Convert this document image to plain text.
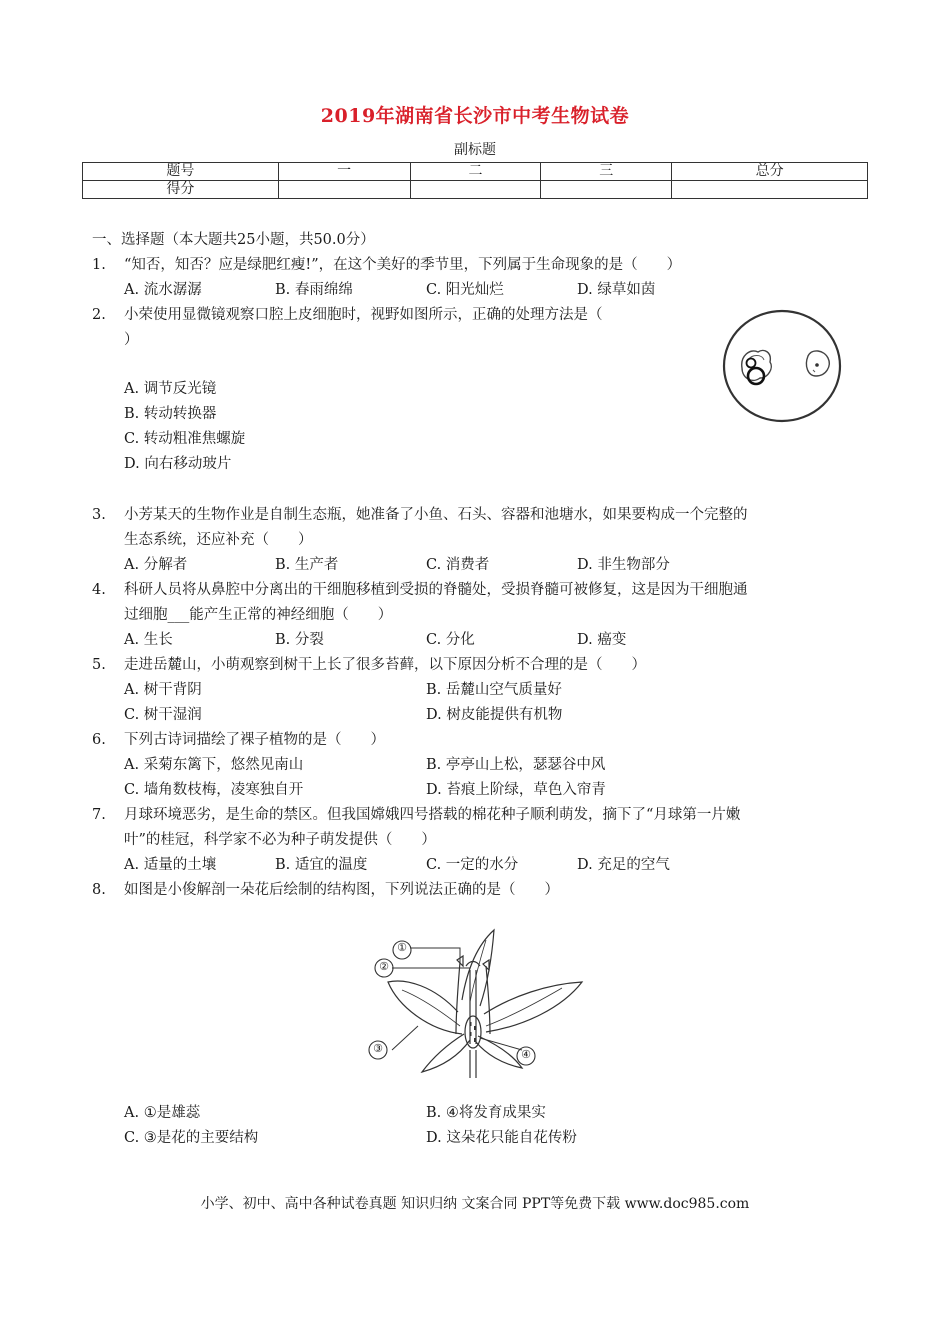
2019年湖南省长沙市中考生物试卷
副标题
题号	一	二	三	总分
得分				
一、选择题（本大题共25小题，共50.0分）
1. “知否，知否？应是绿肥红瘦!”，在这个美好的季节里，下列属于生命现象的是（　　）
A. 流水潺潺	B. 春雨绵绵	C. 阳光灿烂	D. 绿草如茵
2. 小荣使用显微镜观察口腔上皮细胞时，视野如图所示，正确的处理方法是（
）
A. 调节反光镜
B. 转动转换器
C. 转动粗准焦螺旋
D. 向右移动玻片
3. 小芳某天的生物作业是自制生态瓶，她准备了小鱼、石头、容器和池塘水，如果要构成一个完整的
生态系统，还应补充（　　）
A. 分解者	B. 生产者	C. 消费者	D. 非生物部分
4. 科研人员将从鼻腔中分离出的干细胞移植到受损的脊髓处，受损脊髓可被修复，这是因为干细胞通
过细胞___能产生正常的神经细胞（　　）
A. 生长	B. 分裂	C. 分化	D. 癌变
5. 走进岳麓山，小萌观察到树干上长了很多苔藓，以下原因分析不合理的是（　　）
A. 树干背阴	B. 岳麓山空气质量好
C. 树干湿润	D. 树皮能提供有机物
6. 下列古诗词描绘了裸子植物的是（　　）
A. 采菊东篱下，悠然见南山	B. 亭亭山上松，瑟瑟谷中风
C. 墙角数枝梅，凌寒独自开	D. 苔痕上阶绿，草色入帘青
7. 月球环境恶劣，是生命的禁区。但我国嫦娥四号搭载的棉花种子顺利萌发，摘下了“月球第一片嫩
叶”的桂冠，科学家不必为种子萌发提供（　　）
A. 适量的土壤	B. 适宜的温度	C. 一定的水分	D. 充足的空气
8. 如图是小俊解剖一朵花后绘制的结构图，下列说法正确的是（　　）
①
②
③	④
A. ①是雄蕊	B. ④将发育成果实
C. ③是花的主要结构	D. 这朵花只能自花传粉
小学、初中、高中各种试卷真题 知识归纳 文案合同 PPT等免费下载 www.doc985.com
